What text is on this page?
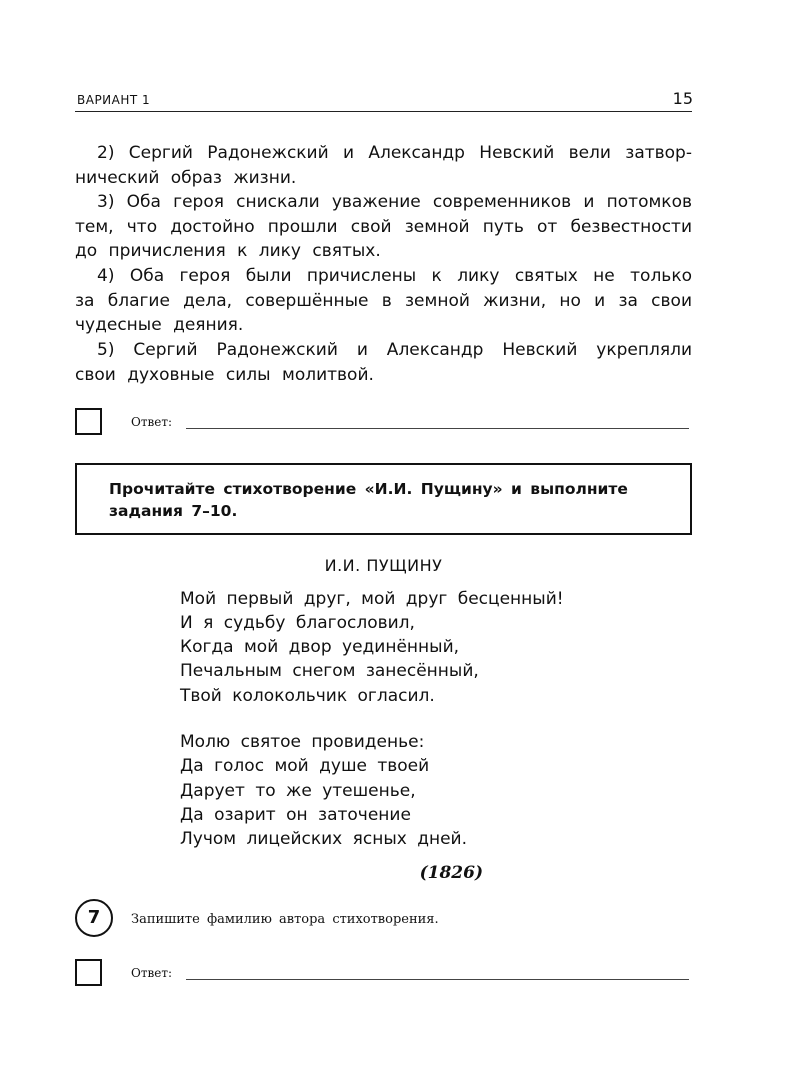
ВАРИАНТ 1	15
2) Сергий Радонежский и Александр Невский вели затвор-
нический образ жизни.
3) Оба героя снискали уважение современников и потомков
тем, что достойно прошли свой земной путь от безвестности
до причисления к лику святых.
4) Оба героя были причислены к лику святых не только
за благие дела, совершённые в земной жизни, но и за свои
чудесные деяния.
5) Сергий Радонежский и Александр Невский укрепляли
свои духовные силы молитвой.
Ответ:
Прочитайте стихотворение «И.И. Пущину» и выполните задания 7–10.
И.И. ПУЩИНУ
Мой первый друг, мой друг бесценный!
И я судьбу благословил,
Когда мой двор уединённый,
Печальным снегом занесённый,
Твой колокольчик огласил.
Молю святое провиденье:
Да голос мой душе твоей
Дарует то же утешенье,
Да озарит он заточение
Лучом лицейских ясных дней.
(1826)
7	Запишите фамилию автора стихотворения.
Ответ:
